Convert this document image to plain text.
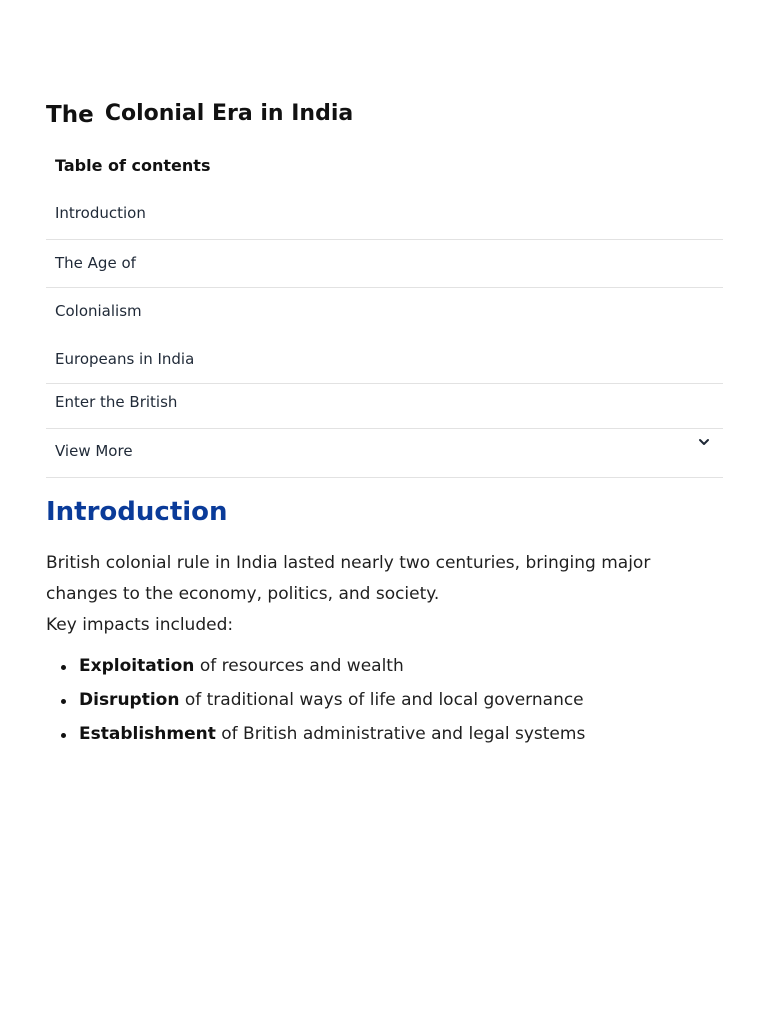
The Colonial Era in India
Table of contents
Introduction
The Age of
Colonialism
Europeans in India
Enter the British
View More
Introduction

British colonial rule in India lasted nearly two centuries, bringing major changes to the economy, politics, and society.

Key impacts included:

Exploitation of resources and wealth
Disruption of traditional ways of life and local governance
Establishment of British administrative and legal systems
